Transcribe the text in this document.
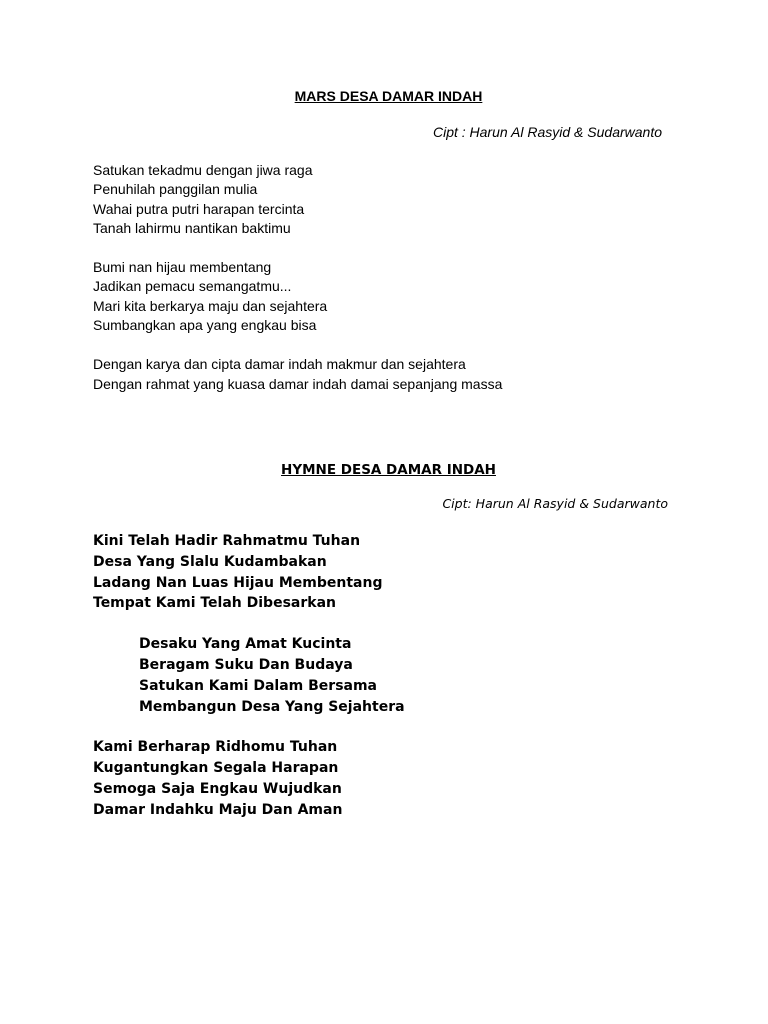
MARS DESA DAMAR INDAH

Cipt : Harun Al Rasyid & Sudarwanto

Satukan tekadmu dengan jiwa raga
Penuhilah panggilan mulia
Wahai putra putri harapan tercinta
Tanah lahirmu nantikan baktimu
Bumi nan hijau membentang
Jadikan pemacu semangatmu...
Mari kita berkarya maju dan sejahtera
Sumbangkan apa yang engkau bisa
Dengan karya dan cipta damar indah makmur dan sejahtera
Dengan rahmat yang kuasa damar indah damai sepanjang massa

HYMNE DESA DAMAR INDAH

Cipt: Harun Al Rasyid & Sudarwanto

Kini Telah Hadir Rahmatmu Tuhan
Desa Yang Slalu Kudambakan
Ladang Nan Luas Hijau Membentang
Tempat Kami Telah Dibesarkan
Desaku Yang Amat Kucinta
Beragam Suku Dan Budaya
Satukan Kami Dalam Bersama
Membangun Desa Yang Sejahtera
Kami Berharap Ridhomu Tuhan
Kugantungkan Segala Harapan
Semoga Saja Engkau Wujudkan
Damar Indahku Maju Dan Aman
